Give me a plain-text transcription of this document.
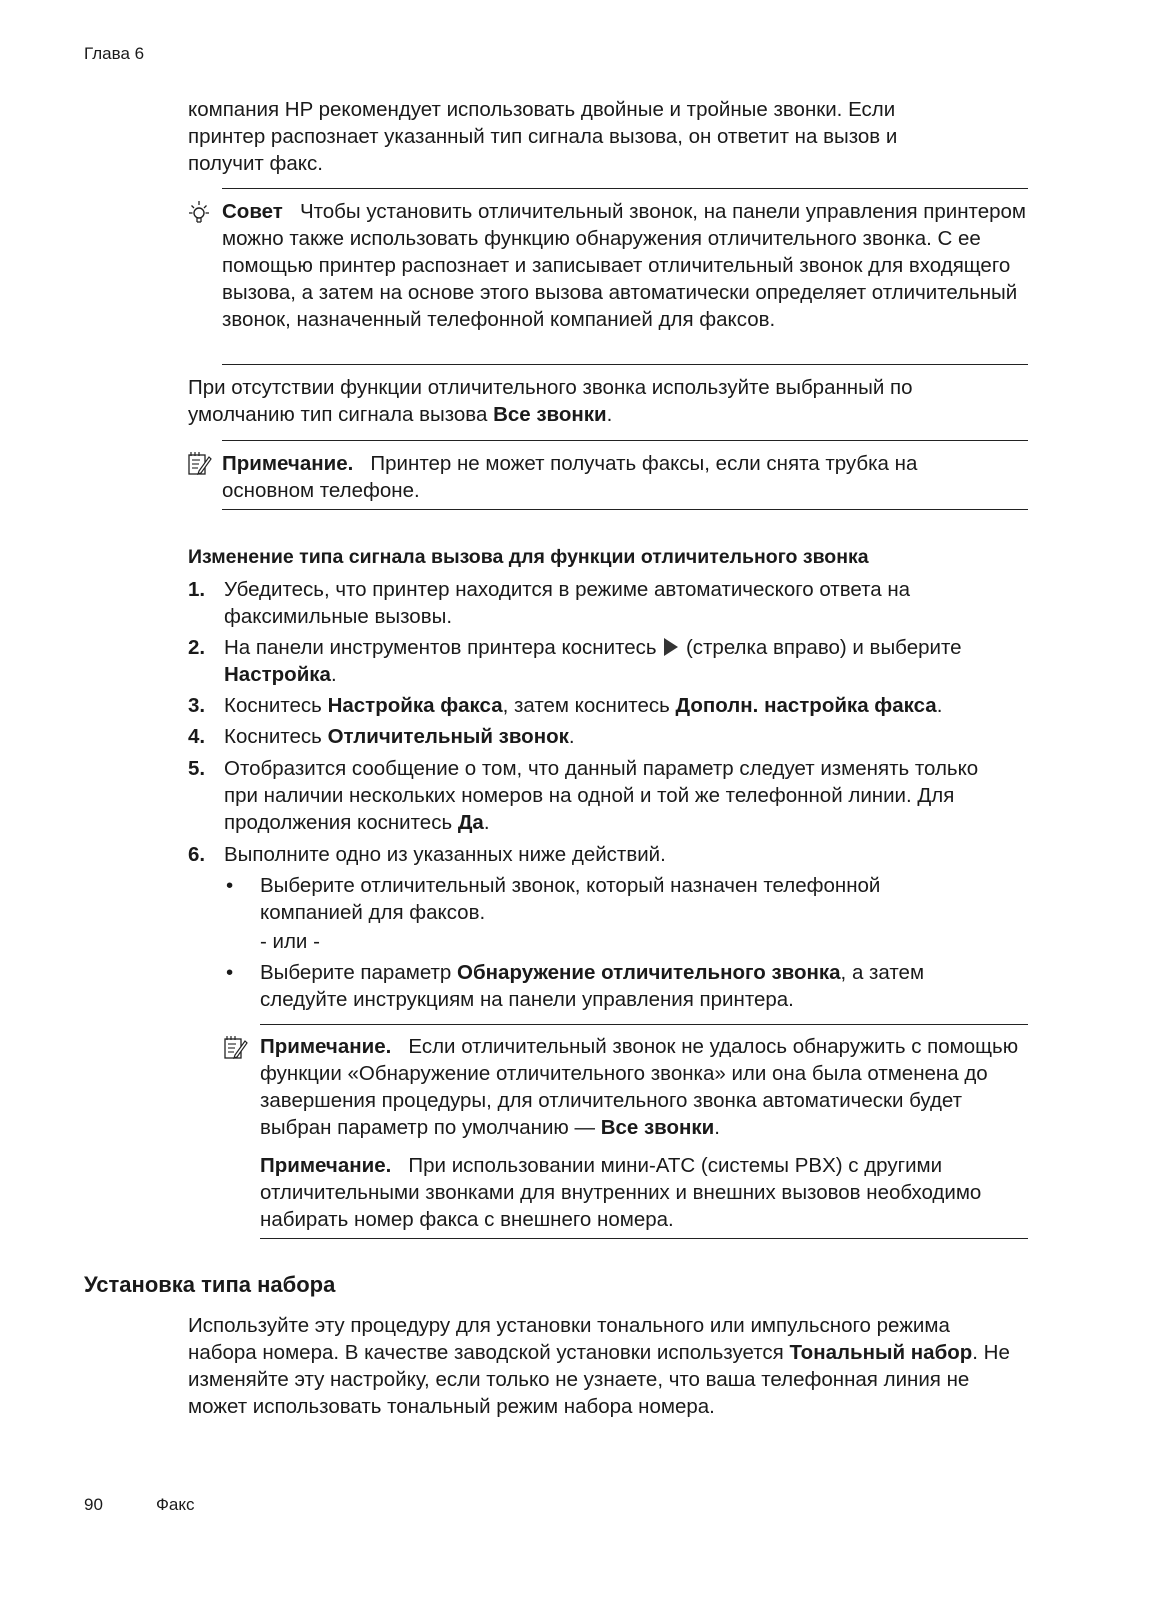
Глава 6
компания HP рекомендует использовать двойные и тройные звонки. Если принтер распознает указанный тип сигнала вызова, он ответит на вызов и получит факс.
Совет Чтобы установить отличительный звонок, на панели управления принтером можно также использовать функцию обнаружения отличительного звонка. С ее помощью принтер распознает и записывает отличительный звонок для входящего вызова, а затем на основе этого вызова автоматически определяет отличительный звонок, назначенный телефонной компанией для факсов.
При отсутствии функции отличительного звонка используйте выбранный по умолчанию тип сигнала вызова Все звонки.
Примечание. Принтер не может получать факсы, если снята трубка на основном телефоне.
Изменение типа сигнала вызова для функции отличительного звонка
1. Убедитесь, что принтер находится в режиме автоматического ответа на факсимильные вызовы.
2. На панели инструментов принтера коснитесь (стрелка вправо) и выберите
Настройка.
3. Коснитесь Настройка факса, затем коснитесь Дополн. настройка факса.
4. Коснитесь Отличительный звонок.
5. Отобразится сообщение о том, что данный параметр следует изменять только при наличии нескольких номеров на одной и той же телефонной линии. Для продолжения коснитесь Да.
6. Выполните одно из указанных ниже действий.
• Выберите отличительный звонок, который назначен телефонной компанией для факсов.
- или -
• Выберите параметр Обнаружение отличительного звонка, а затем следуйте инструкциям на панели управления принтера.
Примечание. Если отличительный звонок не удалось обнаружить с помощью функции «Обнаружение отличительного звонка» или она была отменена до завершения процедуры, для отличительного звонка автоматически будет выбран параметр по умолчанию — Все звонки.
Примечание. При использовании мини-АТС (системы PBX) с другими отличительными звонками для внутренних и внешних вызовов необходимо набирать номер факса с внешнего номера.
Установка типа набора
Используйте эту процедуру для установки тонального или импульсного режима набора номера. В качестве заводской установки используется Тональный набор. Не изменяйте эту настройку, если только не узнаете, что ваша телефонная линия не может использовать тональный режим набора номера.
90	Факс
